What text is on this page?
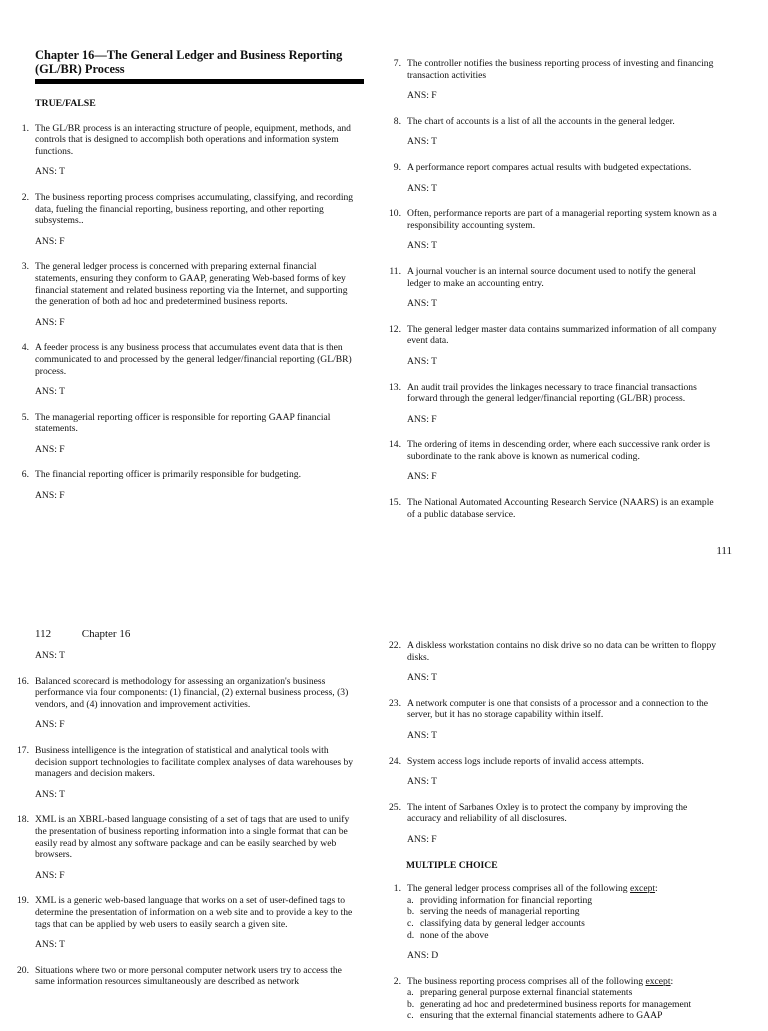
Chapter 16—The General Ledger and Business Reporting (GL/BR) Process
TRUE/FALSE
1. The GL/BR process is an interacting structure of people, equipment, methods, and controls that is designed to accomplish both operations and information system functions.
ANS: T
2. The business reporting process comprises accumulating, classifying, and recording data, fueling the financial reporting, business reporting, and other reporting subsystems..
ANS: F
3. The general ledger process is concerned with preparing external financial statements, ensuring they conform to GAAP, generating Web-based forms of key financial statement and related business reporting via the Internet, and supporting the generation of both ad hoc and predetermined business reports.
ANS: F
4. A feeder process is any business process that accumulates event data that is then communicated to and processed by the general ledger/financial reporting (GL/BR) process.
ANS: T
5. The managerial reporting officer is responsible for reporting GAAP financial statements.
ANS: F
6. The financial reporting officer is primarily responsible for budgeting.
ANS: F
7. The controller notifies the business reporting process of investing and financing transaction activities
ANS: F
8. The chart of accounts is a list of all the accounts in the general ledger.
ANS: T
9. A performance report compares actual results with budgeted expectations.
ANS: T
10. Often, performance reports are part of a managerial reporting system known as a responsibility accounting system.
ANS: T
11. A journal voucher is an internal source document used to notify the general ledger to make an accounting entry.
ANS: T
12. The general ledger master data contains summarized information of all company event data.
ANS: T
13. An audit trail provides the linkages necessary to trace financial transactions forward through the general ledger/financial reporting (GL/BR) process.
ANS: F
14. The ordering of items in descending order, where each successive rank order is subordinate to the rank above is known as numerical coding.
ANS: F
15. The National Automated Accounting Research Service (NAARS) is an example of a public database service.
111
112	Chapter 16
ANS: T
16. Balanced scorecard is methodology for assessing an organization's business performance via four components: (1) financial, (2) external business process, (3) vendors, and (4) innovation and improvement activities.
ANS: F
17. Business intelligence is the integration of statistical and analytical tools with decision support technologies to facilitate complex analyses of data warehouses by managers and decision makers.
ANS: T
18. XML is an XBRL-based language consisting of a set of tags that are used to unify the presentation of business reporting information into a single format that can be easily read by almost any software package and can be easily searched by web browsers.
ANS: F
19. XML is a generic web-based language that works on a set of user-defined tags to determine the presentation of information on a web site and to provide a key to the tags that can be applied by web users to easily search a given site.
ANS: T
20. Situations where two or more personal computer network users try to access the same information resources simultaneously are described as network
22. A diskless workstation contains no disk drive so no data can be written to floppy disks.
ANS: T
23. A network computer is one that consists of a processor and a connection to the server, but it has no storage capability within itself.
ANS: T
24. System access logs include reports of invalid access attempts.
ANS: T
25. The intent of Sarbanes Oxley is to protect the company by improving the accuracy and reliability of all disclosures.
ANS: F
MULTIPLE CHOICE
1. The general ledger process comprises all of the following except:
a. providing information for financial reporting
b. serving the needs of managerial reporting
c. classifying data by general ledger accounts
d. none of the above
ANS: D
2. The business reporting process comprises all of the following except:
a. preparing general purpose external financial statements
b. generating ad hoc and predetermined business reports for management
c. ensuring that the external financial statements adhere to GAAP
